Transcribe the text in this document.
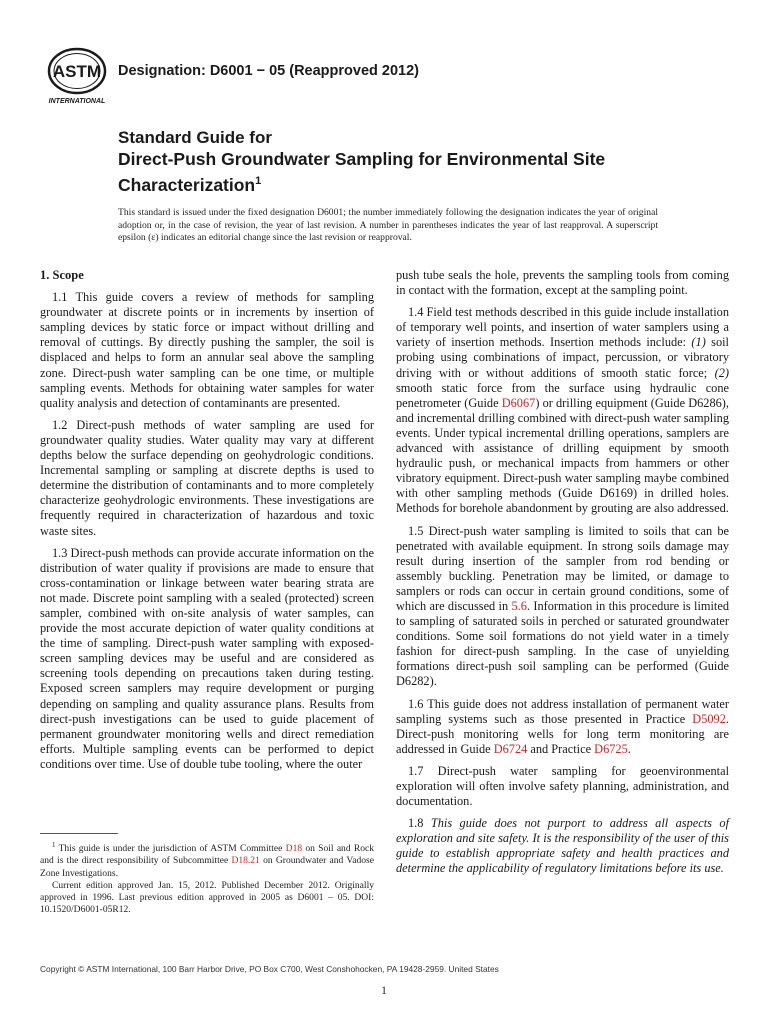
ASTM
INTERNATIONAL
Designation: D6001 − 05 (Reapproved 2012)

Standard Guide for

Direct-Push Groundwater Sampling for Environmental Site

Characterization$^1$

This standard is issued under the fixed designation D6001; the number immediately following the designation indicates the year of original adoption or, in the case of revision, the year of last revision. A number in parentheses indicates the year of last reapproval. A superscript epsilon (ε) indicates an editorial change since the last revision or reapproval.
1. Scope

1.1 This guide covers a review of methods for sampling groundwater at discrete points or in increments by insertion of sampling devices by static force or impact without drilling and removal of cuttings. By directly pushing the sampler, the soil is displaced and helps to form an annular seal above the sampling zone. Direct-push water sampling can be one time, or multiple sampling events. Methods for obtaining water samples for water quality analysis and detection of contaminants are presented.

1.2 Direct-push methods of water sampling are used for groundwater quality studies. Water quality may vary at different depths below the surface depending on geohydrologic conditions. Incremental sampling or sampling at discrete depths is used to determine the distribution of contaminants and to more completely characterize geohydrologic environments. These investigations are frequently required in characterization of hazardous and toxic waste sites.

1.3 Direct-push methods can provide accurate information on the distribution of water quality if provisions are made to ensure that cross-contamination or linkage between water bearing strata are not made. Discrete point sampling with a sealed (protected) screen sampler, combined with on-site analysis of water samples, can provide the most accurate depiction of water quality conditions at the time of sampling. Direct-push water sampling with exposed-screen sampling devices may be useful and are considered as screening tools depending on precautions taken during testing. Exposed screen samplers may require development or purging depending on sampling and quality assurance plans. Results from direct-push investigations can be used to guide placement of permanent groundwater monitoring wells and direct remediation efforts. Multiple sampling events can be performed to depict conditions over time. Use of double tube tooling, where the outer

push tube seals the hole, prevents the sampling tools from coming in contact with the formation, except at the sampling point.

1.4 Field test methods described in this guide include installation of temporary well points, and insertion of water samplers using a variety of insertion methods. Insertion methods include: (1) soil probing using combinations of impact, percussion, or vibratory driving with or without additions of smooth static force; (2) smooth static force from the surface using hydraulic cone penetrometer (Guide D6067) or drilling equipment (Guide D6286), and incremental drilling combined with direct-push water sampling events. Under typical incremental drilling operations, samplers are advanced with assistance of drilling equipment by smooth hydraulic push, or mechanical impacts from hammers or other vibratory equipment. Direct-push water sampling maybe combined with other sampling methods (Guide D6169) in drilled holes. Methods for borehole abandonment by grouting are also addressed.

1.5 Direct-push water sampling is limited to soils that can be penetrated with available equipment. In strong soils damage may result during insertion of the sampler from rod bending or assembly buckling. Penetration may be limited, or damage to samplers or rods can occur in certain ground conditions, some of which are discussed in 5.6. Information in this procedure is limited to sampling of saturated soils in perched or saturated groundwater conditions. Some soil formations do not yield water in a timely fashion for direct-push sampling. In the case of unyielding formations direct-push soil sampling can be performed (Guide D6282).

1.6 This guide does not address installation of permanent water sampling systems such as those presented in Practice D5092. Direct-push monitoring wells for long term monitoring are addressed in Guide D6724 and Practice D6725.

1.7 Direct-push water sampling for geoenvironmental exploration will often involve safety planning, administration, and documentation.

1.8 This guide does not purport to address all aspects of exploration and site safety. It is the responsibility of the user of this guide to establish appropriate safety and health practices and determine the applicability of regulatory limitations before its use.

$^1$ This guide is under the jurisdiction of ASTM Committee D18 on Soil and Rock and is the direct responsibility of Subcommittee D18.21 on Groundwater and Vadose Zone Investigations.

Current edition approved Jan. 15, 2012. Published December 2012. Originally approved in 1996. Last previous edition approved in 2005 as D6001 – 05. DOI: 10.1520/D6001-05R12.

Copyright © ASTM International, 100 Barr Harbor Drive, PO Box C700, West Conshohocken, PA 19428-2959. United States
1
